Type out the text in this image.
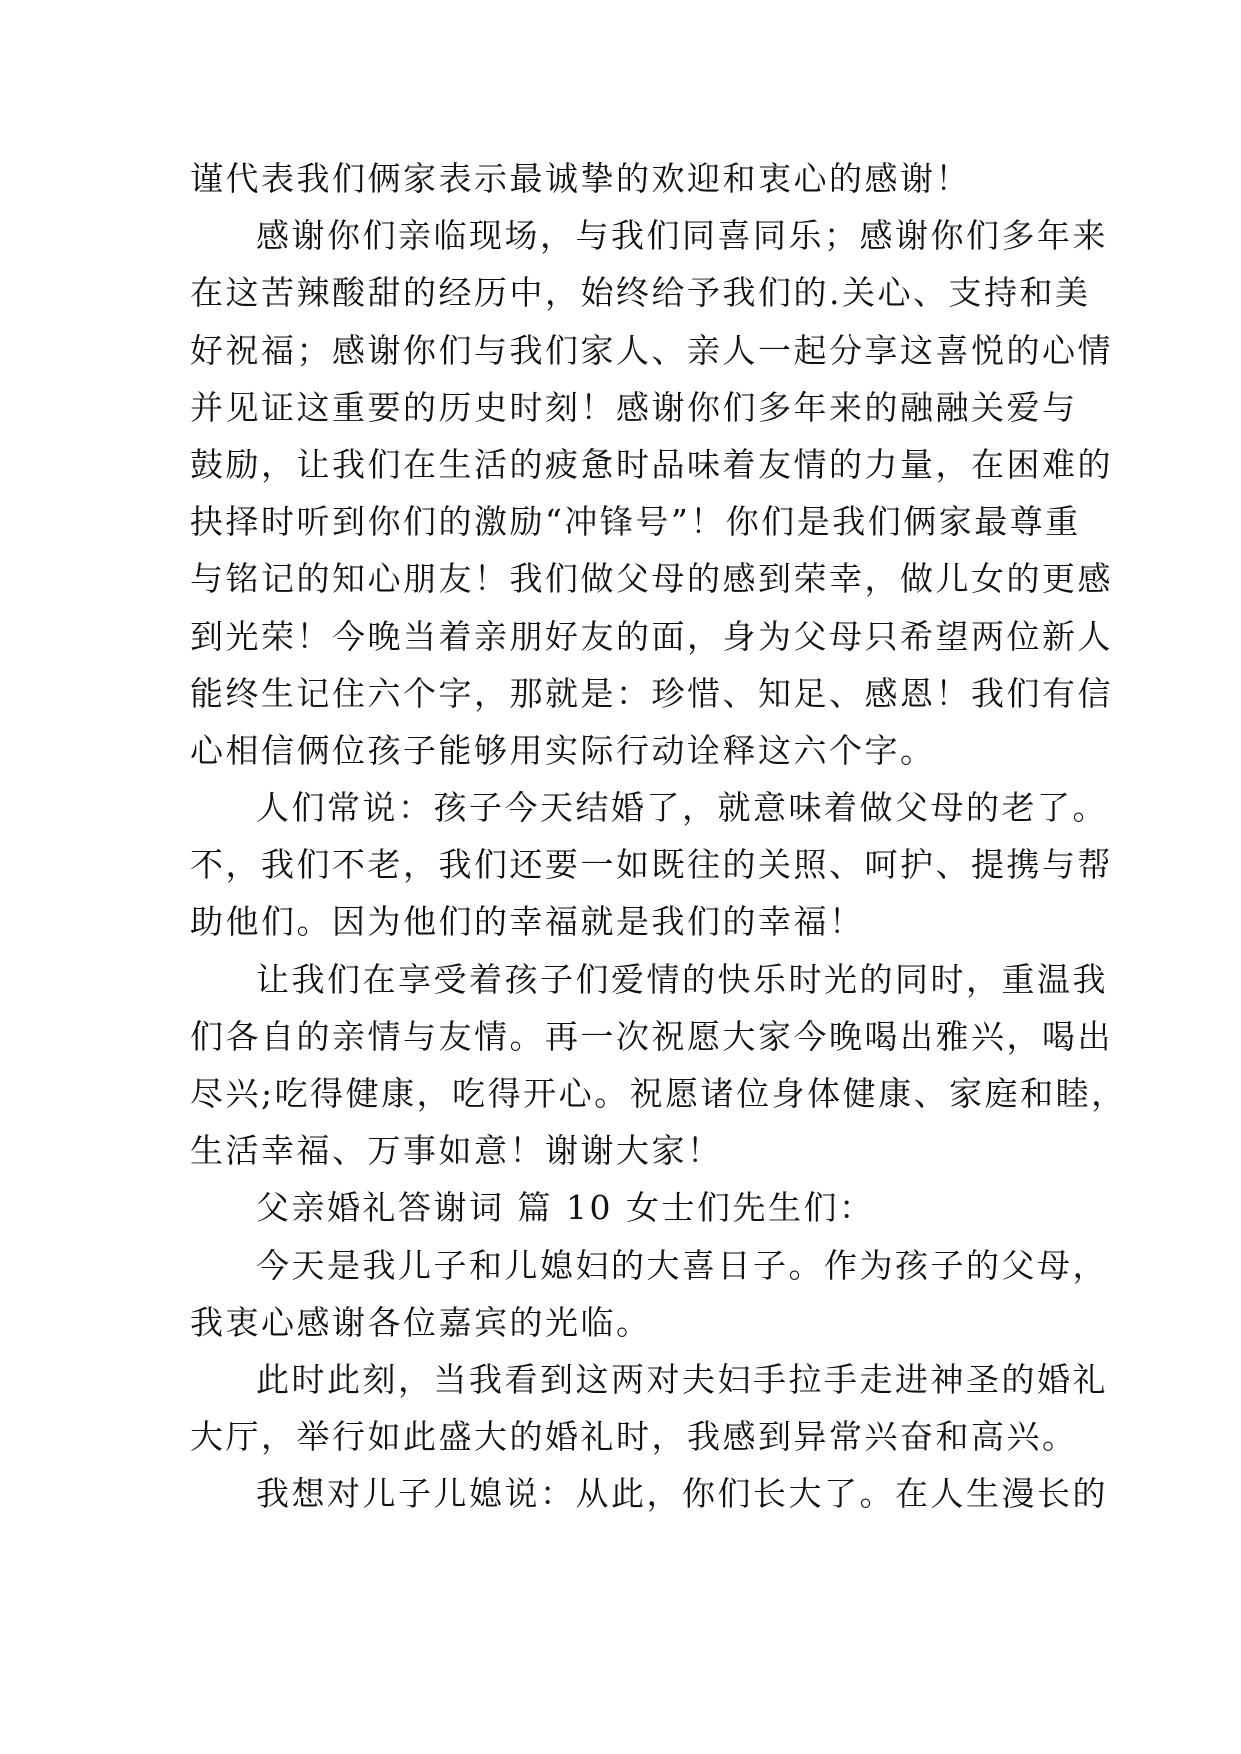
谨代表我们俩家表示最诚挚的欢迎和衷心的感谢！
感谢你们亲临现场，与我们同喜同乐；感谢你们多年来
在这苦辣酸甜的经历中，始终给予我们的.关心、支持和美
好祝福；感谢你们与我们家人、亲人一起分享这喜悦的心情
并见证这重要的历史时刻！感谢你们多年来的融融关爱与
鼓励，让我们在生活的疲惫时品味着友情的力量，在困难的
抉择时听到你们的激励“冲锋号”！你们是我们俩家最尊重
与铭记的知心朋友！我们做父母的感到荣幸，做儿女的更感
到光荣！今晚当着亲朋好友的面，身为父母只希望两位新人
能终生记住六个字，那就是：珍惜、知足、感恩！我们有信
心相信俩位孩子能够用实际行动诠释这六个字。
人们常说：孩子今天结婚了，就意味着做父母的老了。
不，我们不老，我们还要一如既往的关照、呵护、提携与帮
助他们。因为他们的幸福就是我们的幸福！
让我们在享受着孩子们爱情的快乐时光的同时，重温我
们各自的亲情与友情。再一次祝愿大家今晚喝出雅兴，喝出
尽兴;吃得健康，吃得开心。祝愿诸位身体健康、家庭和睦，
生活幸福、万事如意！谢谢大家！
父亲婚礼答谢词 篇 10 女士们先生们：
今天是我儿子和儿媳妇的大喜日子。作为孩子的父母，
我衷心感谢各位嘉宾的光临。
此时此刻，当我看到这两对夫妇手拉手走进神圣的婚礼
大厅，举行如此盛大的婚礼时，我感到异常兴奋和高兴。
我想对儿子儿媳说：从此，你们长大了。在人生漫长的
